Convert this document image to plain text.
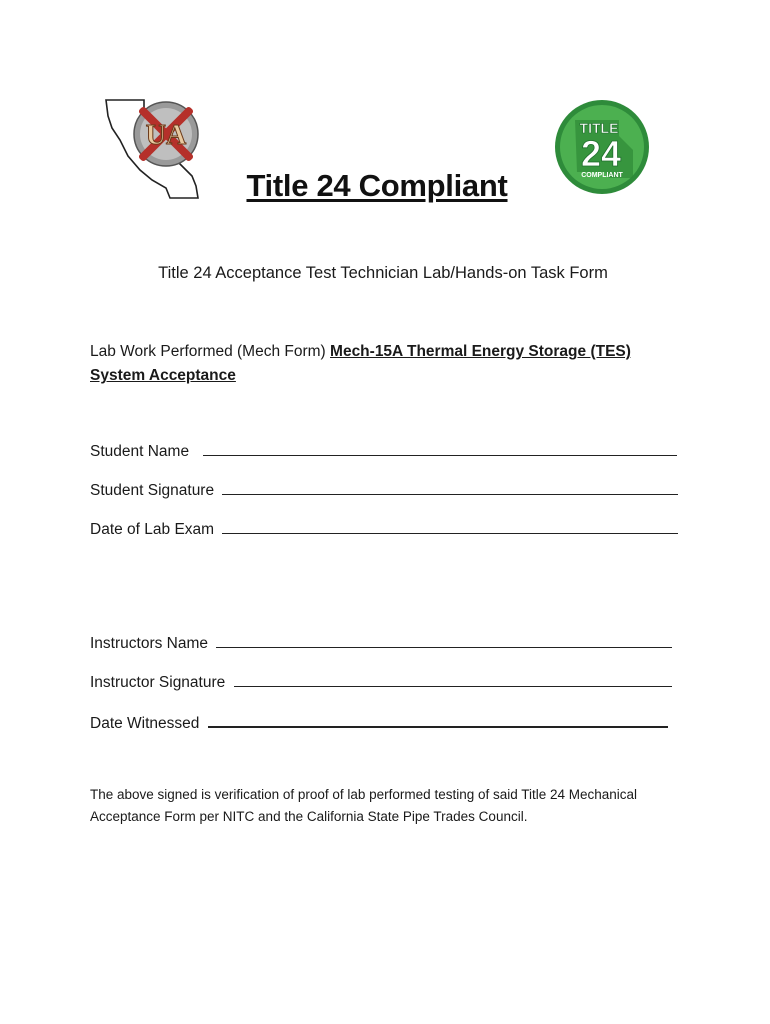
UA	TITLE
24
COMPLIANT
Title 24 Compliant
Title 24 Acceptance Test Technician Lab/Hands-on Task Form
Lab Work Performed (Mech Form) Mech-15A Thermal Energy Storage (TES) System Acceptance
Student Name
Student Signature
Date of Lab Exam
Instructors Name
Instructor Signature
Date Witnessed
The above signed is verification of proof of lab performed testing of said Title 24 Mechanical Acceptance Form per NITC and the California State Pipe Trades Council.
